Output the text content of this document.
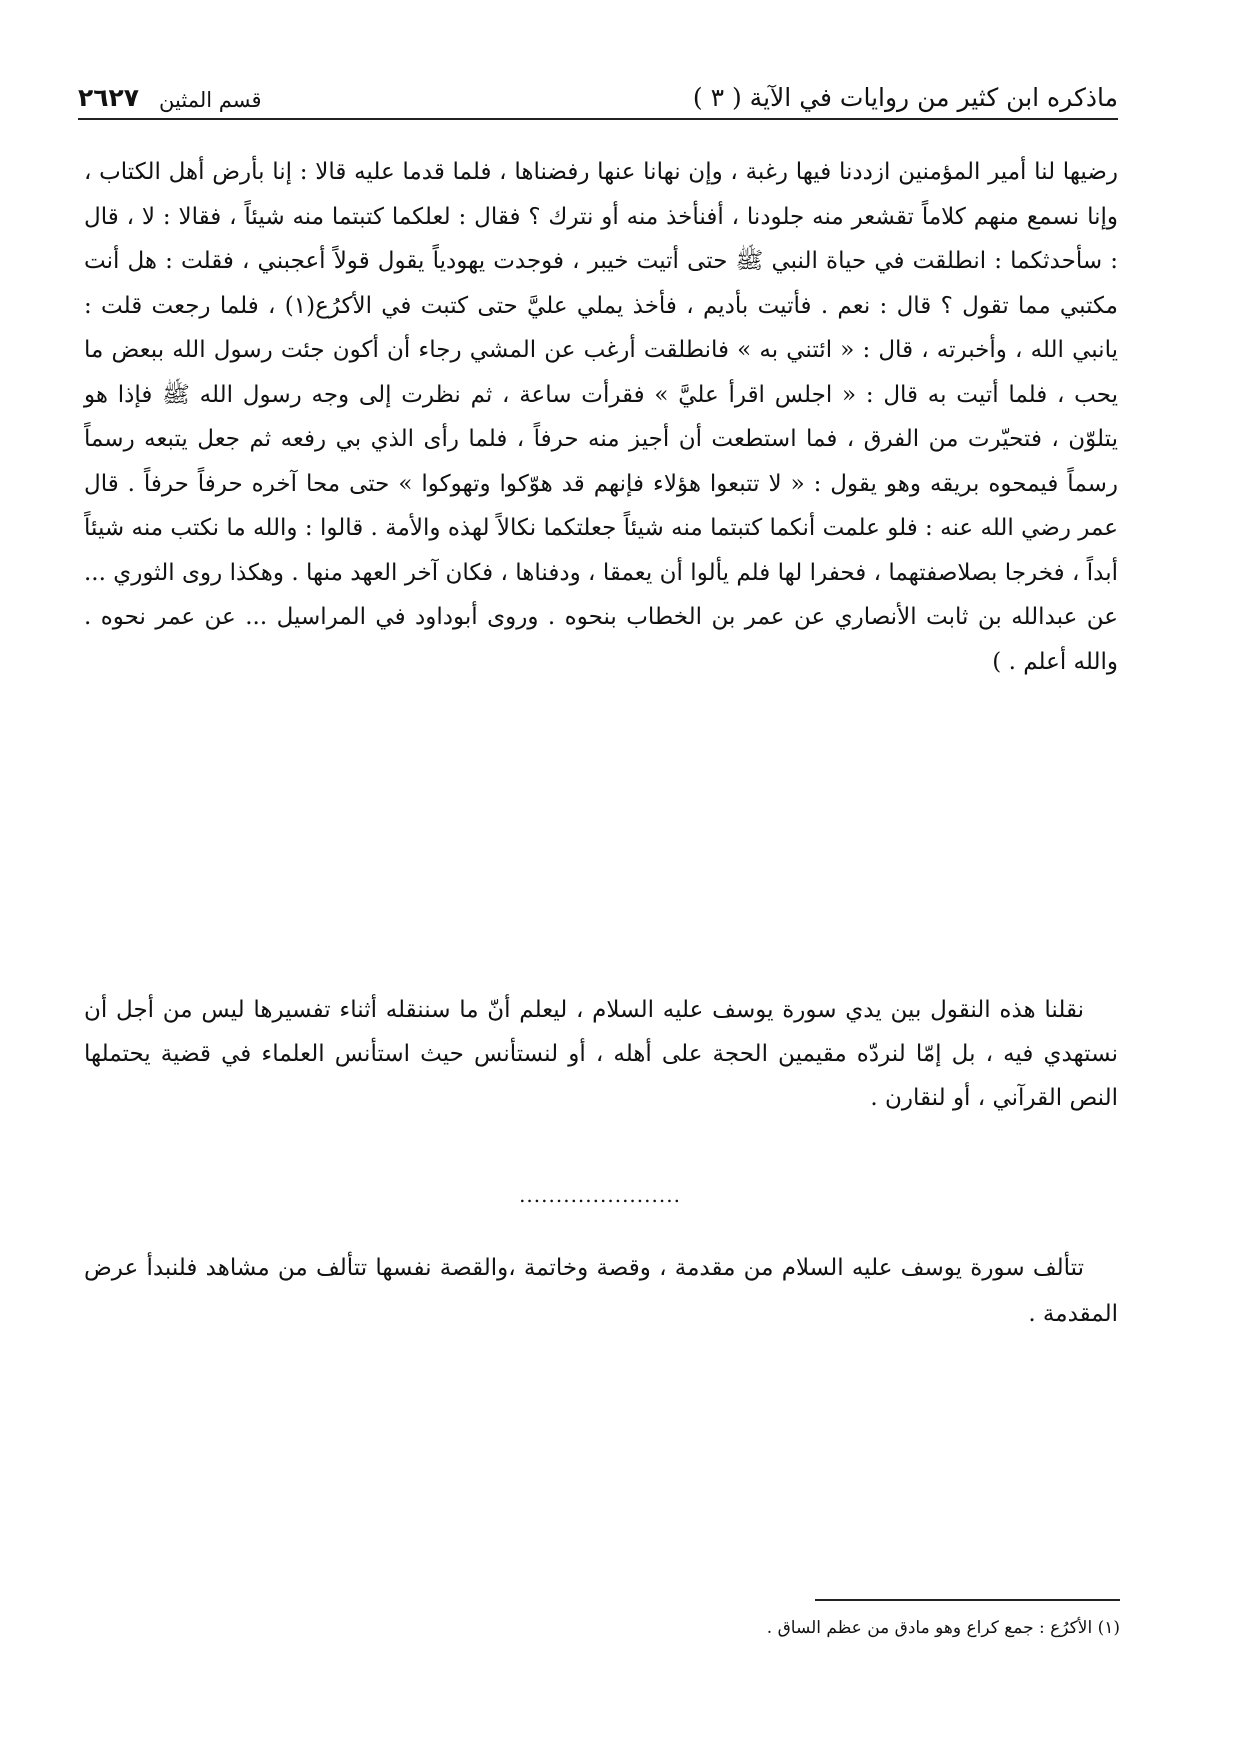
ماذكره ابن كثير من روايات في الآية ( ٣ )
قسم المثين
٢٦٢٧
رضيها لنا أمير المؤمنين ازددنا فيها رغبة ، وإن نهانا عنها رفضناها ، فلما قدما عليه قالا : إنا بأرض أهل الكتاب ، وإنا نسمع منهم كلاماً تقشعر منه جلودنا ، أفنأخذ منه أو نترك ؟ فقال : لعلكما كتبتما منه شيئاً ، فقالا : لا ، قال : سأحدثكما : انطلقت في حياة النبي ﷺ حتى أتيت خيبر ، فوجدت يهودياً يقول قولاً أعجبني ، فقلت : هل أنت مكتبي مما تقول ؟ قال : نعم . فأتيت بأديم ، فأخذ يملي عليَّ حتى كتبت في الأكرُع(١) ، فلما رجعت قلت : يانبي الله ، وأخبرته ، قال : « ائتني به » فانطلقت أرغب عن المشي رجاء أن أكون جئت رسول الله ببعض ما يحب ، فلما أتيت به قال : « اجلس اقرأ عليَّ » فقرأت ساعة ، ثم نظرت إلى وجه رسول الله ﷺ فإذا هو يتلوّن ، فتحيّرت من الفرق ، فما استطعت أن أجيز منه حرفاً ، فلما رأى الذي بي رفعه ثم جعل يتبعه رسماً رسماً فيمحوه بريقه وهو يقول : « لا تتبعوا هؤلاء فإنهم قد هوّكوا وتهوكوا » حتى محا آخره حرفاً حرفاً . قال عمر رضي الله عنه : فلو علمت أنكما كتبتما منه شيئاً جعلتكما نكالاً لهذه والأمة . قالوا : والله ما نكتب منه شيئاً أبداً ، فخرجا بصلاصفتهما ، فحفرا لها فلم يألوا أن يعمقا ، ودفناها ، فكان آخر العهد منها . وهكذا روى الثوري ... عن عبدالله بن ثابت الأنصاري عن عمر بن الخطاب بنحوه . وروى أبوداود في المراسيل ... عن عمر نحوه . والله أعلم . )
نقلنا هذه النقول بين يدي سورة يوسف عليه السلام ، ليعلم أنّ ما سننقله أثناء تفسيرها ليس من أجل أن نستهدي فيه ، بل إمّا لنردّه مقيمين الحجة على أهله ، أو لنستأنس حيث استأنس العلماء في قضية يحتملها النص القرآني ، أو لنقارن .
......................
تتألف سورة يوسف عليه السلام من مقدمة ، وقصة وخاتمة ،والقصة نفسها تتألف من مشاهد فلنبدأ عرض المقدمة .
(١) الأكرُع : جمع كراع وهو مادق من عظم الساق .
